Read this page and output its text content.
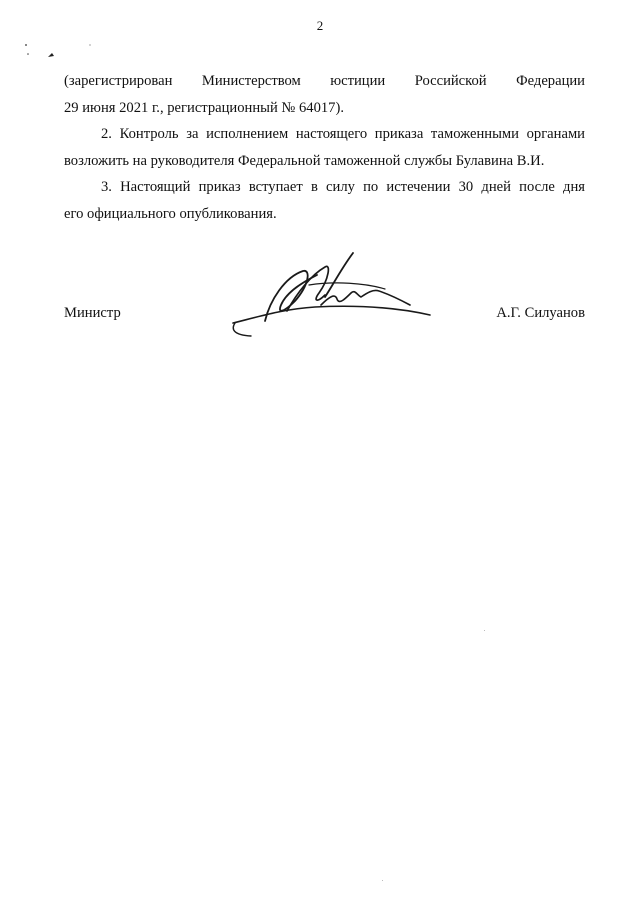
2

(зарегистрирован Министерством юстиции Российской Федерации

29 июня 2021 г., регистрационный № 64017).

2. Контроль за исполнением настоящего приказа таможенными органами

возложить на руководителя Федеральной таможенной службы Булавина В.И.

3. Настоящий приказ вступает в силу по истечении 30 дней после дня

его официального опубликования.

Министр	А.Г. Силуанов
